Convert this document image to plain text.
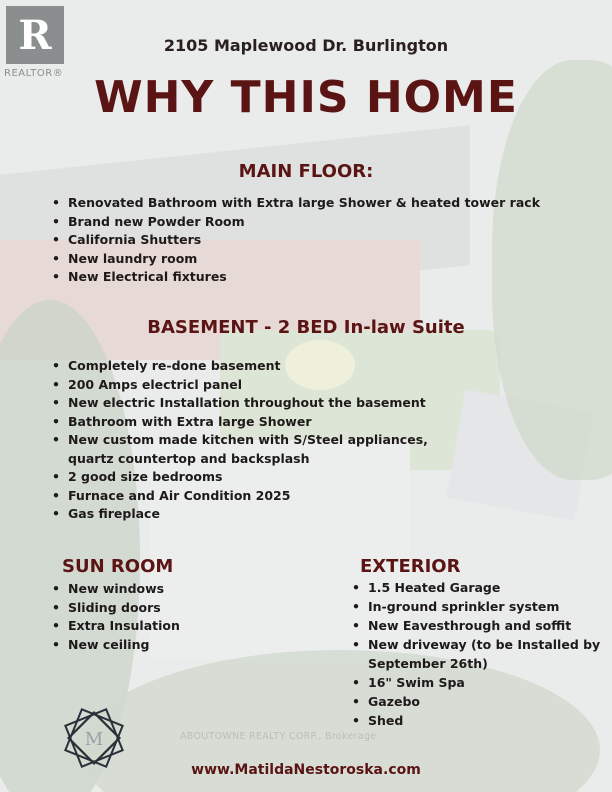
R
REALTOR®
2105 Maplewood Dr. Burlington
WHY THIS HOME
MAIN FLOOR:
• Renovated Bathroom with Extra large Shower & heated tower rack
• Brand new Powder Room
• California Shutters
• New laundry room
• New Electrical fixtures
BASEMENT - 2 BED In-law Suite
• Completely re-done basement
• 200 Amps electricl panel
• New electric Installation throughout the basement
• Bathroom with Extra large Shower
• New custom made kitchen with S/Steel appliances, quartz countertop and backsplash
• 2 good size bedrooms
• Furnace and Air Condition 2025
• Gas fireplace
SUN ROOM
• New windows
• Sliding doors
• Extra Insulation
• New ceiling
EXTERIOR
• 1.5 Heated Garage
• In-ground sprinkler system
• New Eavesthrough and soffit
• New driveway (to be Installed by September 26th)
• 16" Swim Spa
• Gazebo
• Shed
M	ABOUTOWNE REALTY CORP., Brokerage
www.MatildaNestoroska.com
